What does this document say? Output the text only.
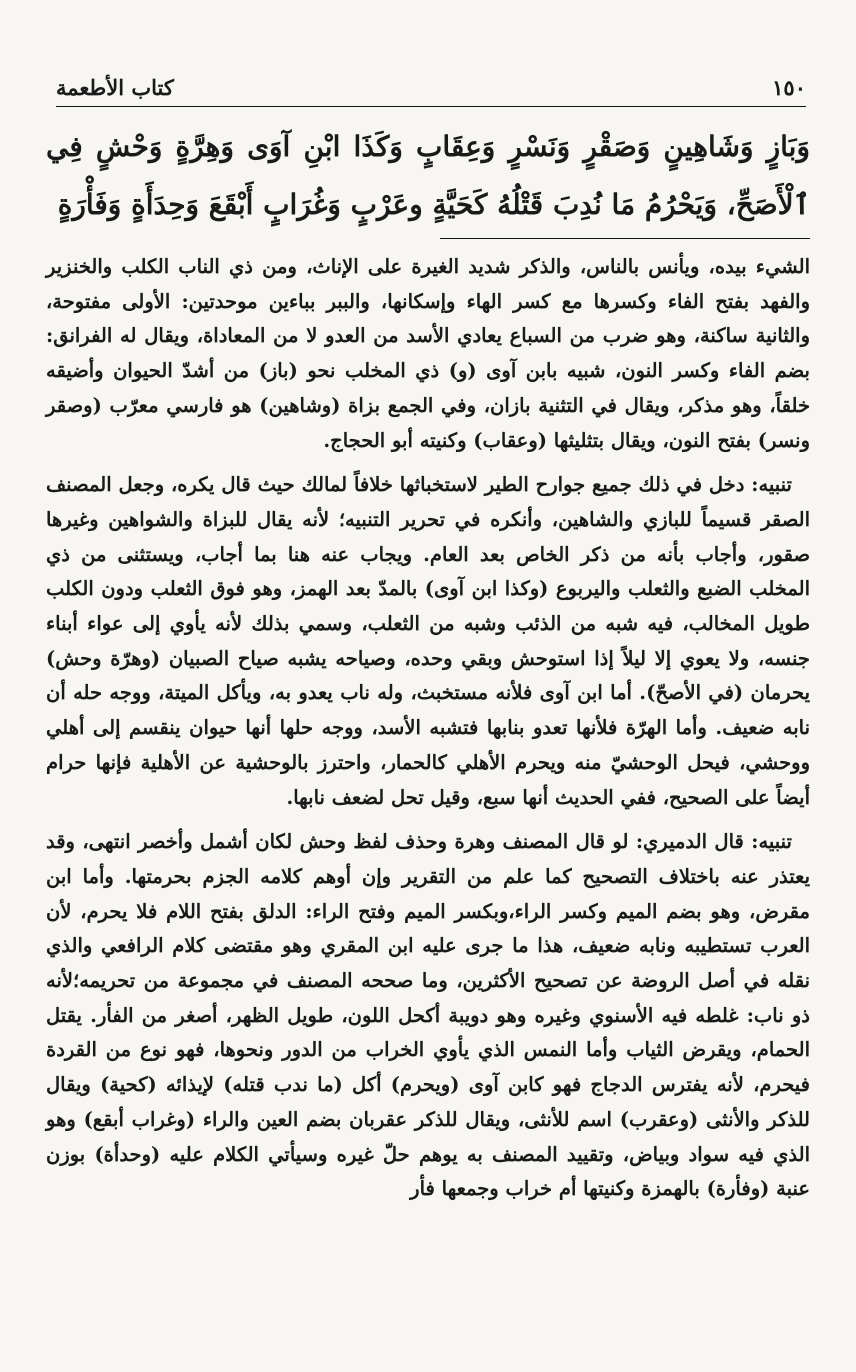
١٥٠
كتاب الأطعمة
وَبَازٍ وَشَاهِينٍ وَصَقْرٍ وَنَسْرٍ وَعِقَابٍ وَكَذَا ابْنِ آوَى وَهِرَّةٍ وَحْشٍ فِي ٱلْأَصَحِّ، وَيَحْرُمُ مَا نُدِبَ قَتْلُهُ كَحَيَّةٍ وعَرْبٍ وَغُرَابٍ أَبْقَعَ وَحِدَأَةٍ وَفَأْرَةٍ

الشيء بيده، ويأنس بالناس، والذكر شديد الغيرة على الإناث، ومن ذي الناب الكلب والخنزير والفهد بفتح الفاء وكسرها مع كسر الهاء وإسكانها، والببر بباءين موحدتين: الأولى مفتوحة، والثانية ساكنة، وهو ضرب من السباع يعادي الأسد من العدو لا من المعاداة، ويقال له الفرانق: بضم الفاء وكسر النون، شبيه بابن آوى (و) ذي المخلب نحو (باز) من أشدّ الحيوان وأضيقه خلقاً، وهو مذكر، ويقال في التثنية بازان، وفي الجمع بزاة (وشاهين) هو فارسي معرّب (وصقر ونسر) بفتح النون، ويقال بتثليثها (وعقاب) وكنيته أبو الحجاج.

تنبيه: دخل في ذلك جميع جوارح الطير لاستخباثها خلافاً لمالك حيث قال يكره، وجعل المصنف الصقر قسيماً للبازي والشاهين، وأنكره في تحرير التنبيه؛ لأنه يقال للبزاة والشواهين وغيرها صقور، وأجاب بأنه من ذكر الخاص بعد العام. ويجاب عنه هنا بما أجاب، ويستثنى من ذي المخلب الضبع والثعلب واليربوع (وكذا ابن آوى) بالمدّ بعد الهمز، وهو فوق الثعلب ودون الكلب طويل المخالب، فيه شبه من الذئب وشبه من الثعلب، وسمي بذلك لأنه يأوي إلى عواء أبناء جنسه، ولا يعوي إلا ليلاً إذا استوحش وبقي وحده، وصياحه يشبه صياح الصبيان (وهرّة وحش) يحرمان (في الأصحّ). أما ابن آوى فلأنه مستخبث، وله ناب يعدو به، ويأكل الميتة، ووجه حله أن نابه ضعيف. وأما الهرّة فلأنها تعدو بنابها فتشبه الأسد، ووجه حلها أنها حيوان ينقسم إلى أهلي ووحشي، فيحل الوحشيّ منه ويحرم الأهلي كالحمار، واحترز بالوحشية عن الأهلية فإنها حرام أيضاً على الصحيح، ففي الحديث أنها سبع، وقيل تحل لضعف نابها.

تنبيه: قال الدميري: لو قال المصنف وهرة وحذف لفظ وحش لكان أشمل وأخصر انتهى، وقد يعتذر عنه باختلاف التصحيح كما علم من التقرير وإن أوهم كلامه الجزم بحرمتها. وأما ابن مقرض، وهو بضم الميم وكسر الراء،وبكسر الميم وفتح الراء: الدلق بفتح اللام فلا يحرم، لأن العرب تستطيبه ونابه ضعيف، هذا ما جرى عليه ابن المقري وهو مقتضى كلام الرافعي والذي نقله في أصل الروضة عن تصحيح الأكثرين، وما صححه المصنف في مجموعة من تحريمه؛لأنه ذو ناب: غلطه فيه الأسنوي وغيره وهو دويبة أكحل اللون، طويل الظهر، أصغر من الفأر. يقتل الحمام، ويقرض الثياب وأما النمس الذي يأوي الخراب من الدور ونحوها، فهو نوع من القردة فيحرم، لأنه يفترس الدجاج فهو كابن آوى (ويحرم) أكل (ما ندب قتله) لإيذائه (كحية) ويقال للذكر والأنثى (وعقرب) اسم للأنثى، ويقال للذكر عقربان بضم العين والراء (وغراب أبقع) وهو الذي فيه سواد وبياض، وتقييد المصنف به يوهم حلّ غيره وسيأتي الكلام عليه (وحدأة) بوزن عنبة (وفأرة) بالهمزة وكنيتها أم خراب وجمعها فأر
